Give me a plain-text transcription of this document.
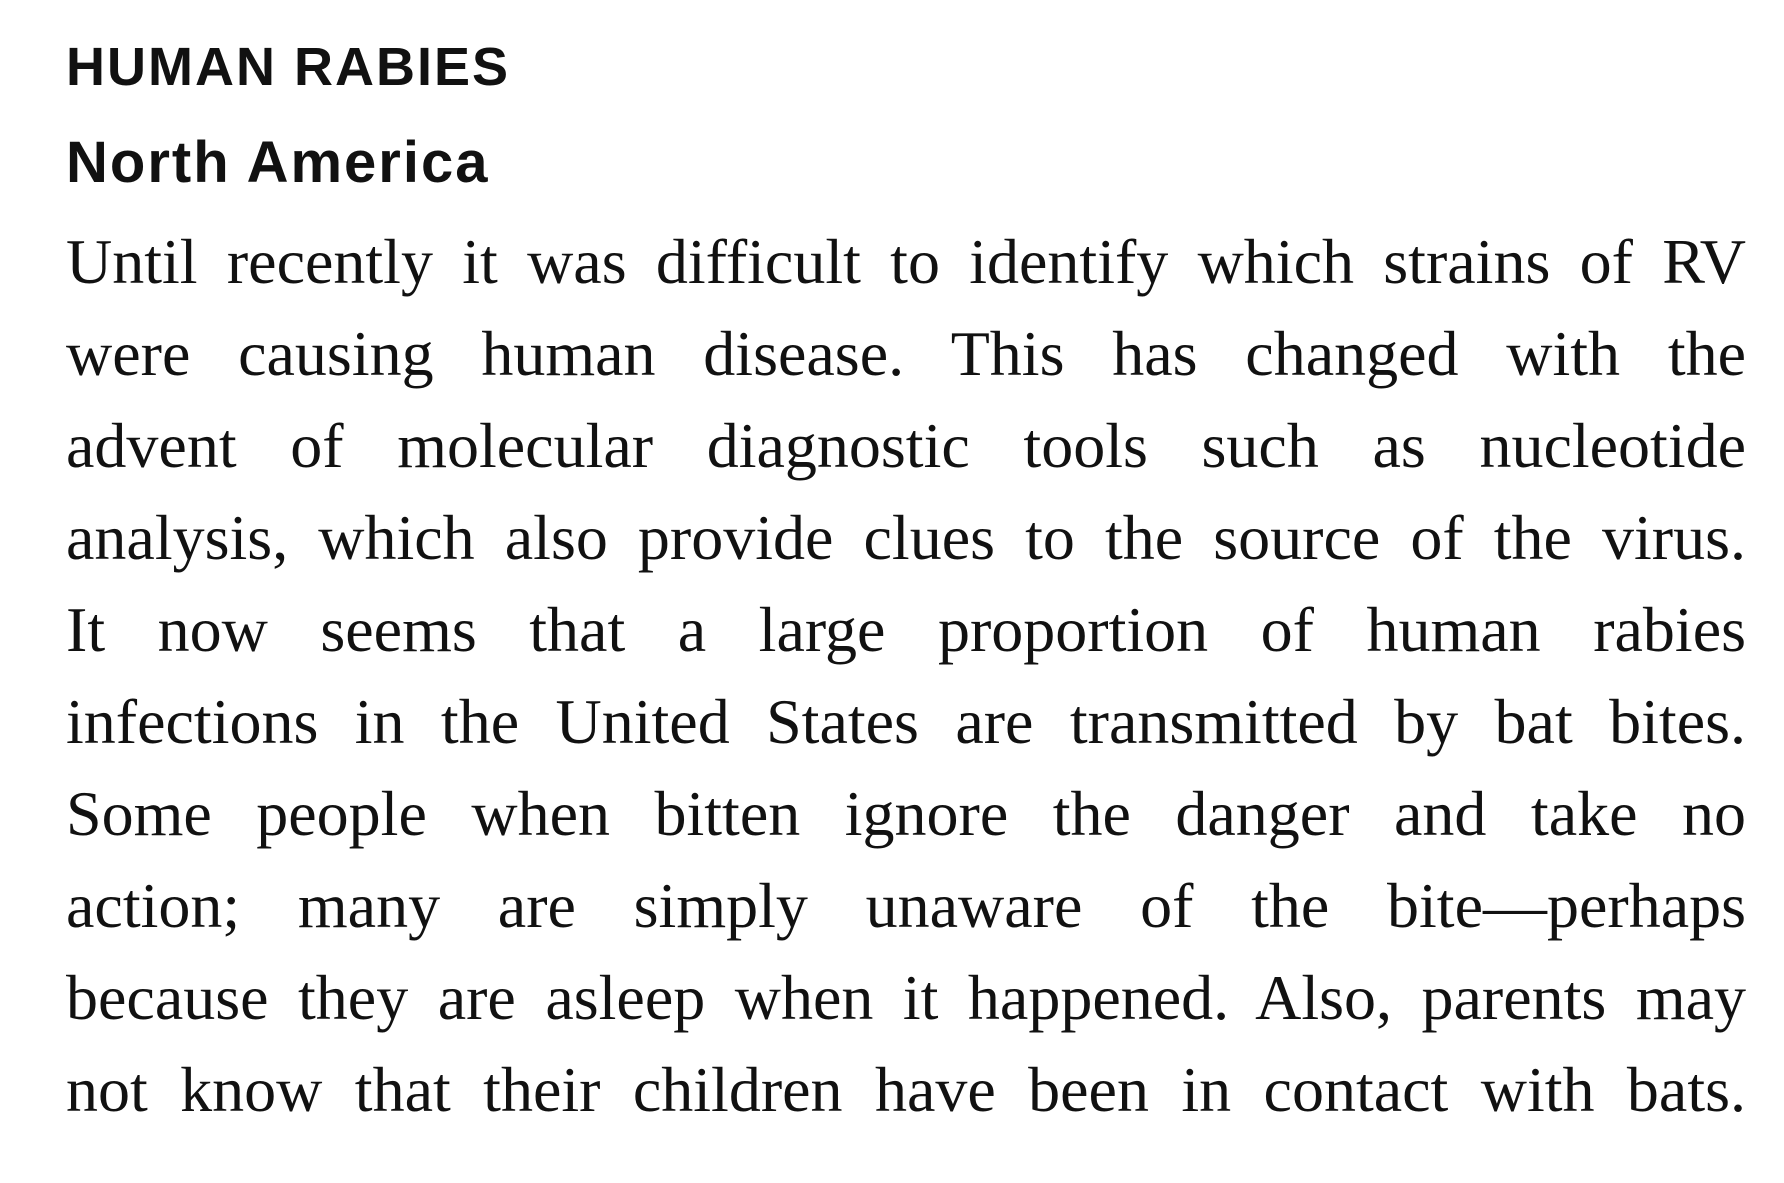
HUMAN RABIES
North America

Until recently it was difficult to identify which strains of RV
were causing human disease. This has changed with the
advent of molecular diagnostic tools such as nucleotide
analysis, which also provide clues to the source of the virus.
It now seems that a large proportion of human rabies
infections in the United States are transmitted by bat bites.
Some people when bitten ignore the danger and take no
action; many are simply unaware of the bite—perhaps
because they are asleep when it happened. Also, parents may
not know that their children have been in contact with bats.
